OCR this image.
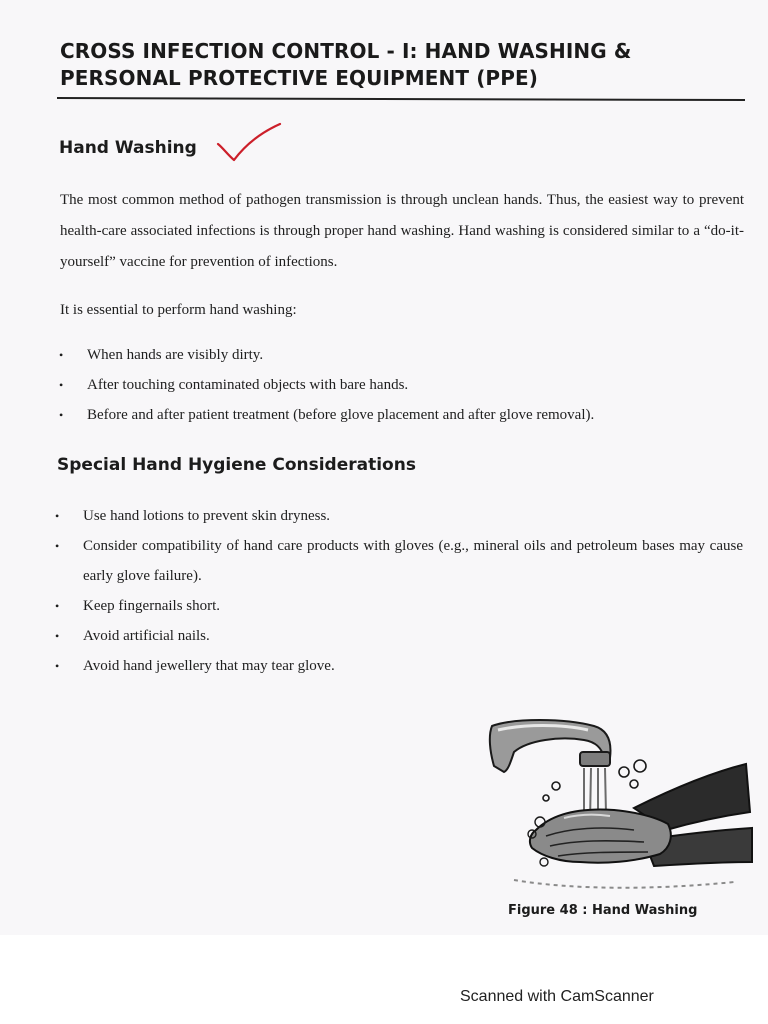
CROSS INFECTION CONTROL - I: HAND WASHING &
PERSONAL PROTECTIVE EQUIPMENT (PPE)
Hand Washing

The most common method of pathogen transmission is through unclean hands. Thus, the easiest way to prevent health-care associated infections is through proper hand washing. Hand washing is considered similar to a “do-it-yourself” vaccine for prevention of infections.

It is essential to perform hand washing:

• When hands are visibly dirty.
• After touching contaminated objects with bare hands.
• Before and after patient treatment (before glove placement and after glove removal).
Special Hand Hygiene Considerations
• Use hand lotions to prevent skin dryness.
• Consider compatibility of hand care products with gloves (e.g., mineral oils and petroleum bases may cause early glove failure).
• Keep fingernails short.
• Avoid artificial nails.
• Avoid hand jewellery that may tear glove.

Figure 48 : Hand Washing

Scanned with CamScanner
